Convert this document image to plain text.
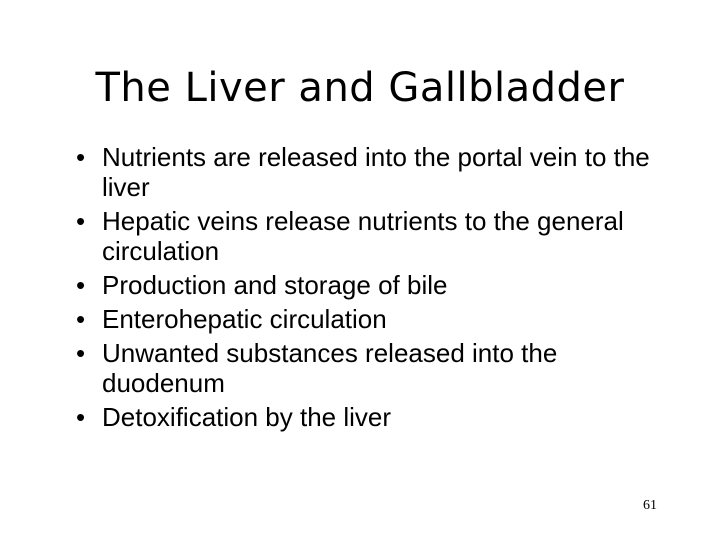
The Liver and Gallbladder
• Nutrients are released into the portal vein to the liver
• Hepatic veins release nutrients to the general circulation
• Production and storage of bile
• Enterohepatic circulation
• Unwanted substances released into the duodenum
• Detoxification by the liver
61
